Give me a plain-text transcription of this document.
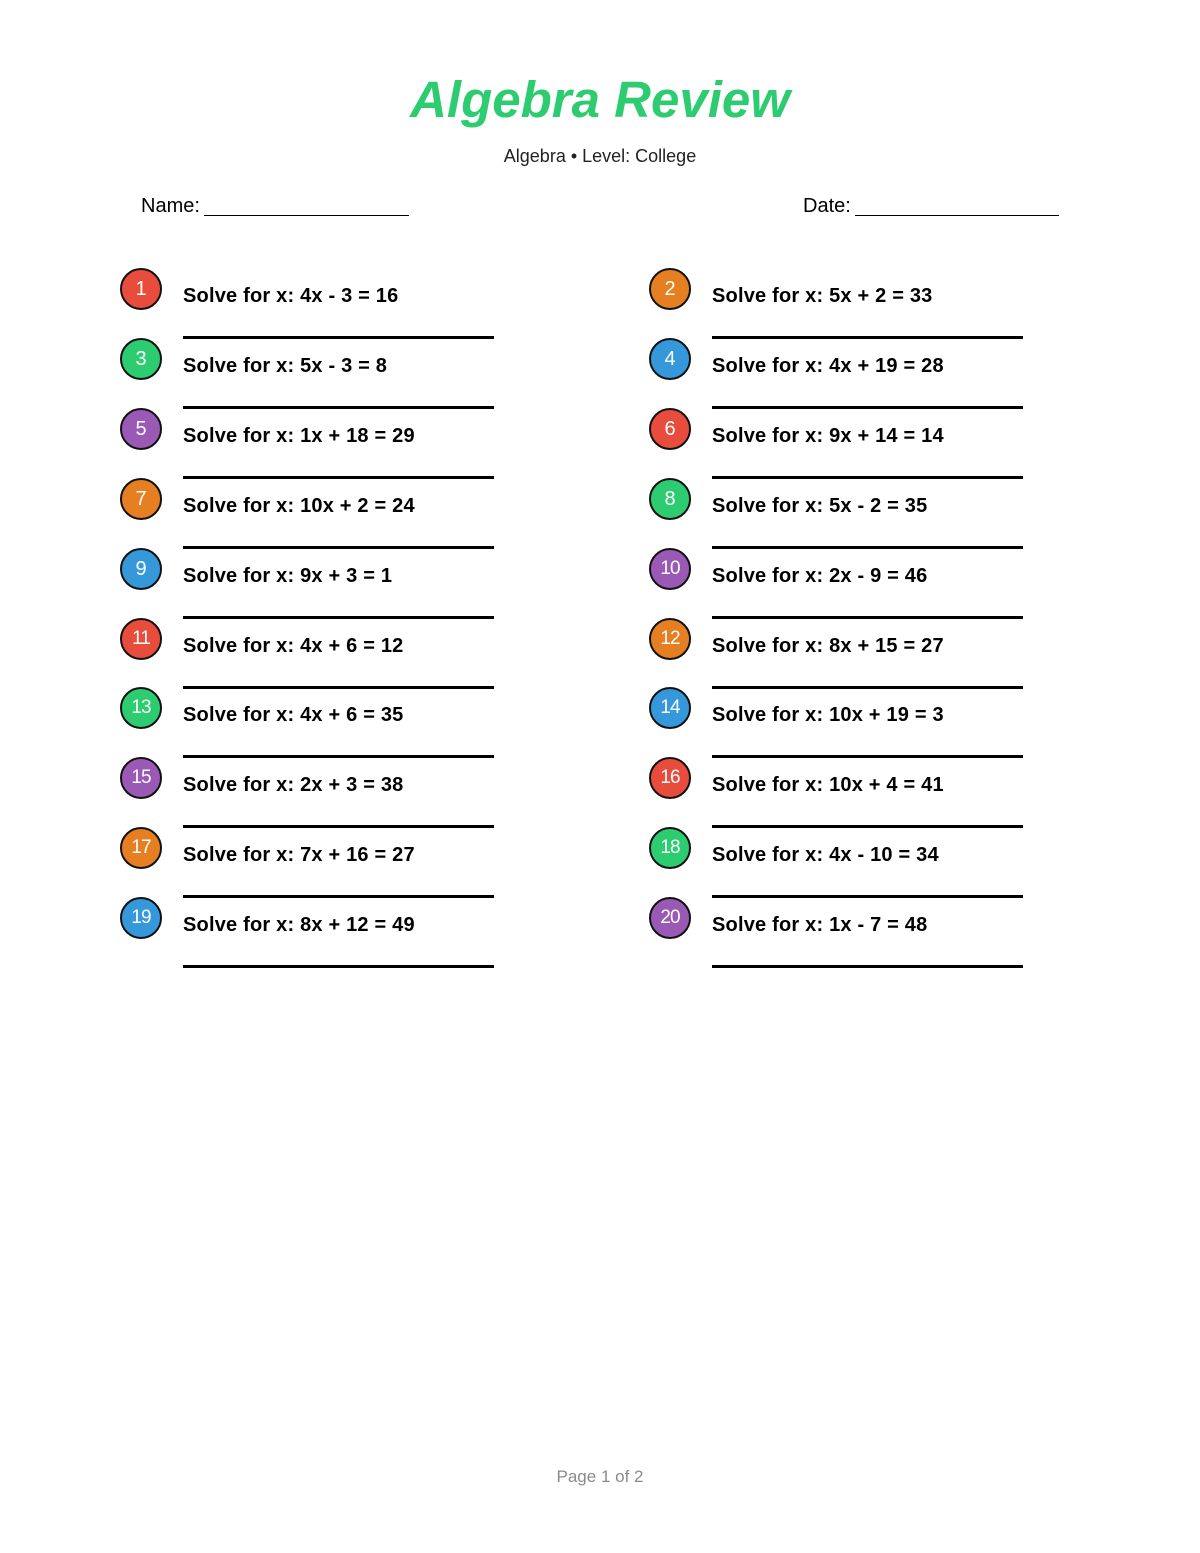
Algebra Review
Algebra • Level: College
Name:	Date:
1	Solve for x: 4x - 3 = 16	2	Solve for x: 5x + 2 = 33
3	Solve for x: 5x - 3 = 8	4	Solve for x: 4x + 19 = 28
5	Solve for x: 1x + 18 = 29	6	Solve for x: 9x + 14 = 14
7	Solve for x: 10x + 2 = 24	8	Solve for x: 5x - 2 = 35
9	Solve for x: 9x + 3 = 1	10	Solve for x: 2x - 9 = 46
11	Solve for x: 4x + 6 = 12	12	Solve for x: 8x + 15 = 27
13	Solve for x: 4x + 6 = 35	14	Solve for x: 10x + 19 = 3
15	Solve for x: 2x + 3 = 38	16	Solve for x: 10x + 4 = 41
17	Solve for x: 7x + 16 = 27	18	Solve for x: 4x - 10 = 34
19	Solve for x: 8x + 12 = 49	20	Solve for x: 1x - 7 = 48
Page 1 of 2
